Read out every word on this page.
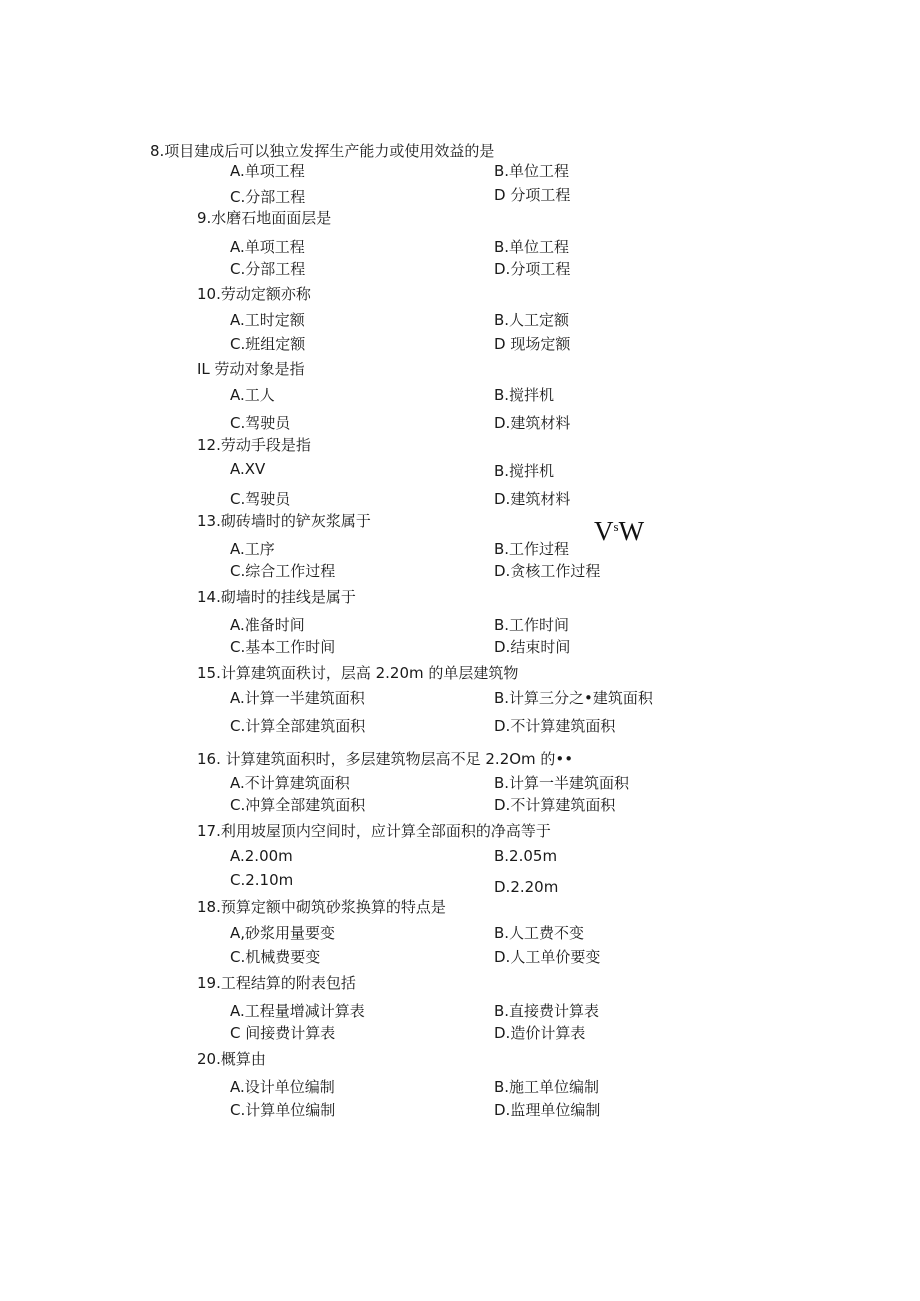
8.项目建成后可以独立发挥生产能力或使用效益的是
A.单项工程	B.单位工程
C.分部工程	D 分项工程
9.水磨石地面面层是
A.单项工程	B.单位工程
C.分部工程	D.分项工程
10.劳动定额亦称
A.工时定额	B.人工定额
C.班组定额	D 现场定额
IL 劳动对象是指
A.工人	B.搅拌机
C.驾驶员	D.建筑材料
12.劳动手段是指
A.XV	B.搅拌机
C.驾驶员	D.建筑材料
13.砌砖墙时的铲灰浆属于	$V^sW$
A.工序	B.工作过程
C.综合工作过程	D.贪核工作过程
14.砌墙时的挂线是属于
A.准备时间	B.工作时间
C.基本工作时间	D.结束时间
15.计算建筑面秩讨，层高 2.20m 的单层建筑物
A.计算一半建筑面积	B.计算三分之•建筑面积
C.计算全部建筑面积	D.不计算建筑面积
16. 计算建筑面积时，多层建筑物层高不足 2.2Om 的••
A.不计算建筑面积	B.计算一半建筑面积
C.冲算全部建筑面积	D.不计算建筑面积
17.利用坡屋顶内空间时，应计算全部面积的净高等于
A.2.00m	B.2.05m
C.2.10m	D.2.20m
18.预算定额中砌筑砂浆换算的特点是
A,砂浆用量要变	B.人工费不变
C.机械费要变	D.人工单价要变
19.工程结算的附表包括
A.工程量增减计算表	B.直接费计算表
C 间接费计算表	D.造价计算表
20.概算由
A.设计单位编制	B.施工单位编制
C.计算单位编制	D.监理单位编制
